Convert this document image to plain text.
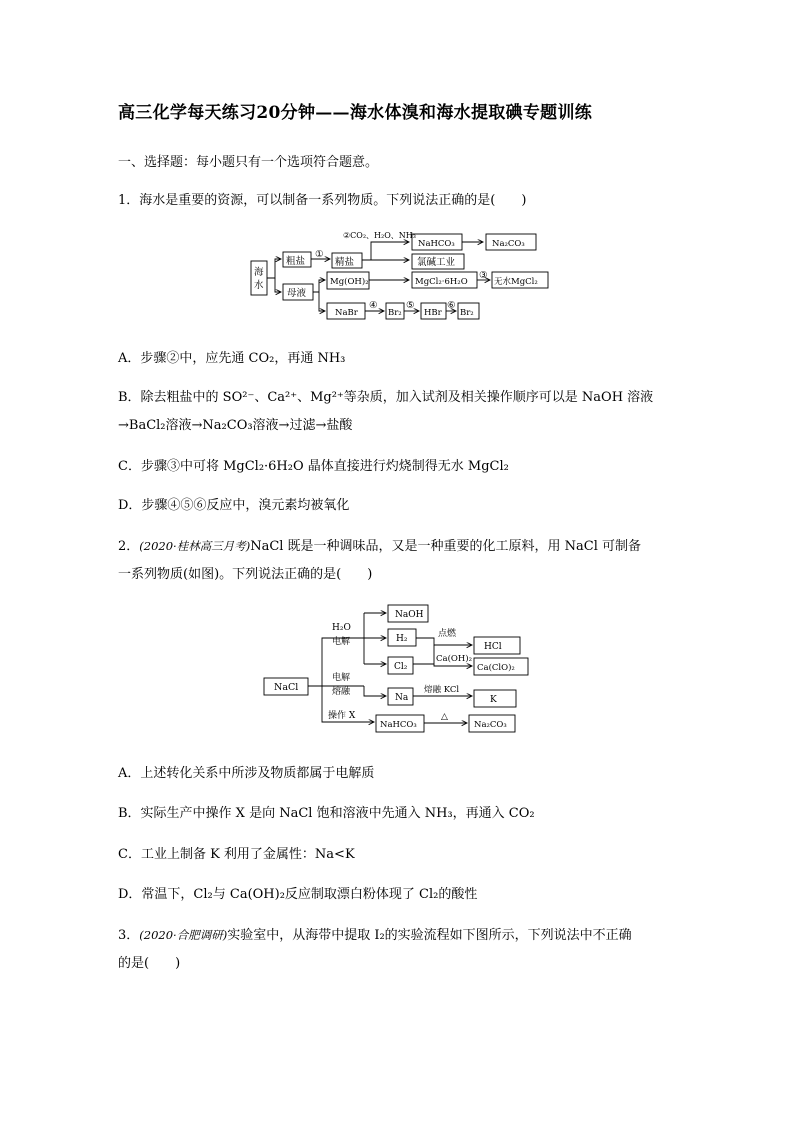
高三化学每天练习20分钟——海水体溴和海水提取碘专题训练
一、选择题：每小题只有一个选项符合题意。
1．海水是重要的资源，可以制备一系列物质。下列说法正确的是(　　)
海
水
粗盐
母液
精盐
①
②CO₂、H₂O、NH₃
NaHCO₃	Na₂CO₃
氯碱工业
Mg(OH)₂	MgCl₂·6H₂O
③
无水MgCl₂
NaBr
④
Br₂
⑤
HBr
⑥
Br₂
A．步骤②中，应先通 CO₂，再通 NH₃
B．除去粗盐中的 SO²⁻、Ca²⁺、Mg²⁺等杂质，加入试剂及相关操作顺序可以是 NaOH 溶液
→BaCl₂溶液→Na₂CO₃溶液→过滤→盐酸
C．步骤③中可将 MgCl₂·6H₂O 晶体直接进行灼烧制得无水 MgCl₂
D．步骤④⑤⑥反应中，溴元素均被氧化
2．(2020·桂林高三月考)NaCl 既是一种调味品，又是一种重要的化工原料，用 NaCl 可制备
一系列物质(如图)。下列说法正确的是(　　)
NaCl
H₂O
电解
电解
熔融
操作 X
NaOH
H₂	点燃
HCl
Cl₂
Ca(OH)₂
Ca(ClO)₂
Na
熔融 KCl
K
NaHCO₃
△
Na₂CO₃
A．上述转化关系中所涉及物质都属于电解质
B．实际生产中操作 X 是向 NaCl 饱和溶液中先通入 NH₃，再通入 CO₂
C．工业上制备 K 利用了金属性：Na<K
D．常温下，Cl₂与 Ca(OH)₂反应制取漂白粉体现了 Cl₂的酸性
3．(2020·合肥调研)实验室中，从海带中提取 I₂的实验流程如下图所示，下列说法中不正确
的是(　　)
